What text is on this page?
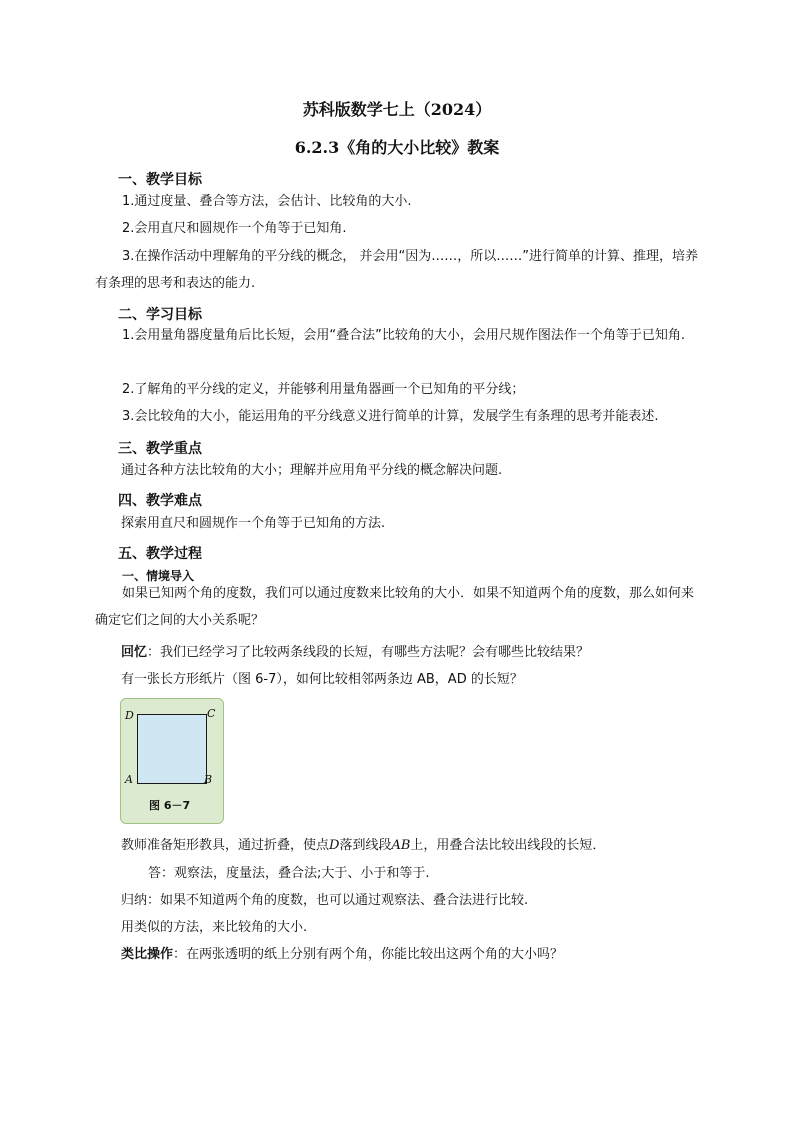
苏科版数学七上（2024）
6.2.3《角的大小比较》教案
一、教学目标
1.通过度量、叠合等方法，会估计、比较角的大小.
2.会用直尺和圆规作一个角等于已知角.
3.在操作活动中理解角的平分线的概念， 并会用“因为……，所以……”进行简单的计算、推理，培养有条理的思考和表达的能力.
二、学习目标
1.会用量角器度量角后比长短，会用“叠合法”比较角的大小，会用尺规作图法作一个角等于已知角.
2.了解角的平分线的定义，并能够利用量角器画一个已知角的平分线；
3.会比较角的大小，能运用角的平分线意义进行简单的计算，发展学生有条理的思考并能表述.
三、教学重点
通过各种方法比较角的大小；理解并应用角平分线的概念解决问题.
四、教学难点
探索用直尺和圆规作一个角等于已知角的方法.
五、教学过程
一、情境导入
如果已知两个角的度数，我们可以通过度数来比较角的大小．如果不知道两个角的度数，那么如何来确定它们之间的大小关系呢？
回忆：我们已经学习了比较两条线段的长短，有哪些方法呢？会有哪些比较结果？
有一张长方形纸片（图 6-7），如何比较相邻两条边 AB，AD 的长短？
D	C
A	B
图 6－7
教师准备矩形教具，通过折叠，使点D落到线段AB上，用叠合法比较出线段的长短．
答：观察法，度量法，叠合法;大于、小于和等于.
归纳：如果不知道两个角的度数，也可以通过观察法、叠合法进行比较.
用类似的方法，来比较角的大小.
类比操作：在两张透明的纸上分别有两个角，你能比较出这两个角的大小吗？
